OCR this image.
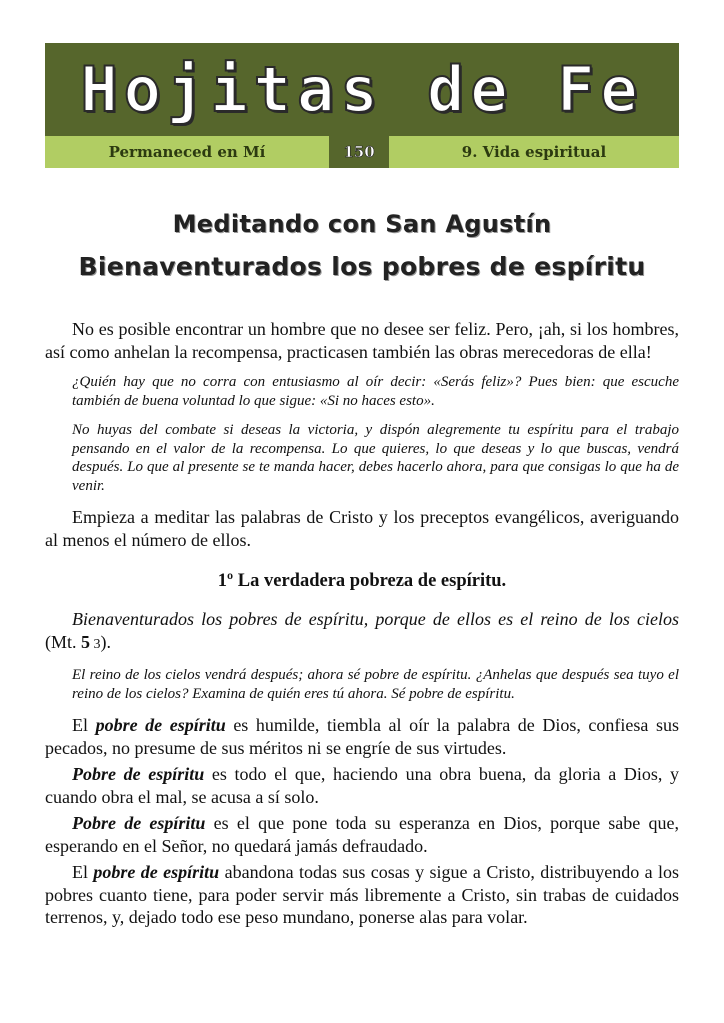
Hojitas de Fe
Permaneced en Mí	150	9. Vida espiritual
Meditando con San Agustín
Bienaventurados los pobres de espíritu

No es posible encontrar un hombre que no desee ser feliz. Pero, ¡ah, si los hombres, así como anhelan la recompensa, practicasen también las obras merecedoras de ella!

¿Quién hay que no corra con entusiasmo al oír decir: «Serás feliz»? Pues bien: que escuche también de buena voluntad lo que sigue: «Si no haces esto».

No huyas del combate si deseas la victoria, y dispón alegremente tu espíritu para el trabajo pensando en el valor de la recompensa. Lo que quieres, lo que deseas y lo que buscas, vendrá después. Lo que al presente se te manda hacer, debes hacerlo ahora, para que consigas lo que ha de venir.

Empieza a meditar las palabras de Cristo y los preceptos evangélicos, averiguando al menos el número de ellos.

1º La verdadera pobreza de espíritu.

Bienaventurados los pobres de espíritu, porque de ellos es el reino de los cielos (Mt. 5 3).

El reino de los cielos vendrá después; ahora sé pobre de espíritu. ¿Anhelas que después sea tuyo el reino de los cielos? Examina de quién eres tú ahora. Sé pobre de espíritu.

El pobre de espíritu es humilde, tiembla al oír la palabra de Dios, confiesa sus pecados, no presume de sus méritos ni se engríe de sus virtudes.

Pobre de espíritu es todo el que, haciendo una obra buena, da gloria a Dios, y cuando obra el mal, se acusa a sí solo.

Pobre de espíritu es el que pone toda su esperanza en Dios, porque sabe que, esperando en el Señor, no quedará jamás defraudado.

El pobre de espíritu abandona todas sus cosas y sigue a Cristo, distribuyendo a los pobres cuanto tiene, para poder servir más libremente a Cristo, sin trabas de cuidados terrenos, y, dejado todo ese peso mundano, ponerse alas para volar.
